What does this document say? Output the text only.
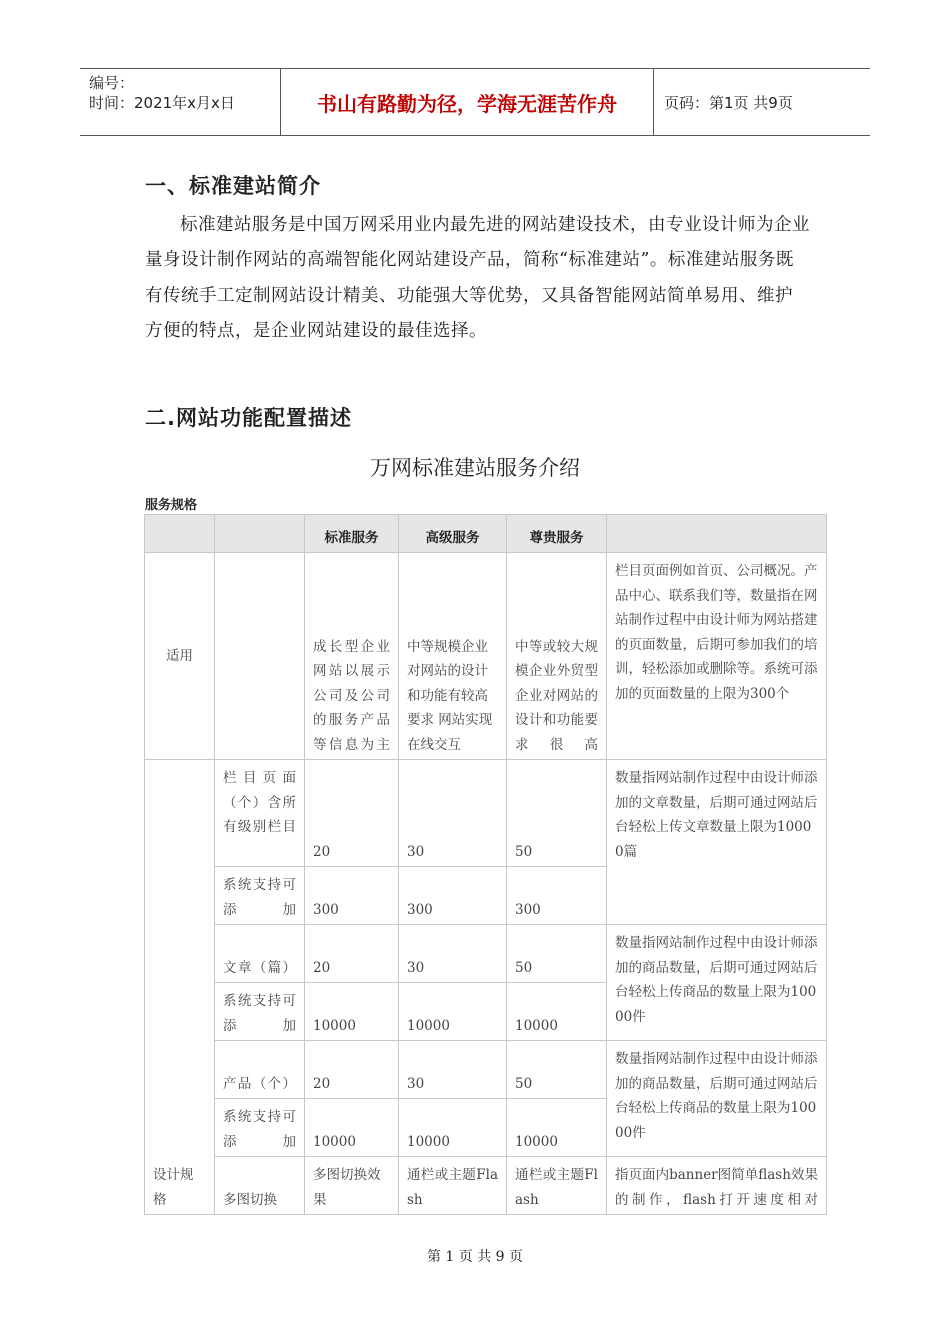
编号：
时间：2021年x月x日	书山有路勤为径，学海无涯苦作舟	页码：第1页 共9页
一、标准建站简介

标准建站服务是中国万网采用业内最先进的网站建设技术，由专业设计师为企业量身设计制作网站的高端智能化网站建设产品，简称“标准建站”。标准建站服务既有传统手工定制网站设计精美、功能强大等优势，又具备智能网站简单易用、维护方便的特点，是企业网站建设的最佳选择。

二.网站功能配置描述
万网标准建站服务介绍
服务规格
		标准服务	高级服务	尊贵服务	
适用		成长型企业网站以展示公司及公司的服务产品等信息为主	中等规模企业对网站的设计和功能有较高要求 网站实现在线交互	中等或较大规模企业外贸型企业对网站的设计和功能要求很高	栏目页面例如首页、公司概况。产品中心、联系我们等，数量指在网站制作过程中由设计师为网站搭建的页面数量，后期可参加我们的培训，轻松添加或删除等。系统可添加的页面数量的上限为300个
设计规格	栏目页面（个）含所有级别栏目	20	30	50	数量指网站制作过程中由设计师添加的文章数量，后期可通过网站后台轻松上传文章数量上限为10000篇
	系统支持可添加	300	300	300	
	文章（篇）	20	30	50	数量指网站制作过程中由设计师添加的商品数量，后期可通过网站后台轻松上传商品的数量上限为10000件
	系统支持可添加	10000	10000	10000	
	产品（个）	20	30	50	数量指网站制作过程中由设计师添加的商品数量，后期可通过网站后台轻松上传商品的数量上限为10000件
	系统支持可添加	10000	10000	10000	
	多图切换	多图切换效果	通栏或主题Flash	通栏或主题Flash	指页面内banner图简单flash效果的制作，flash打开速度相对
第 1 页 共 9 页
